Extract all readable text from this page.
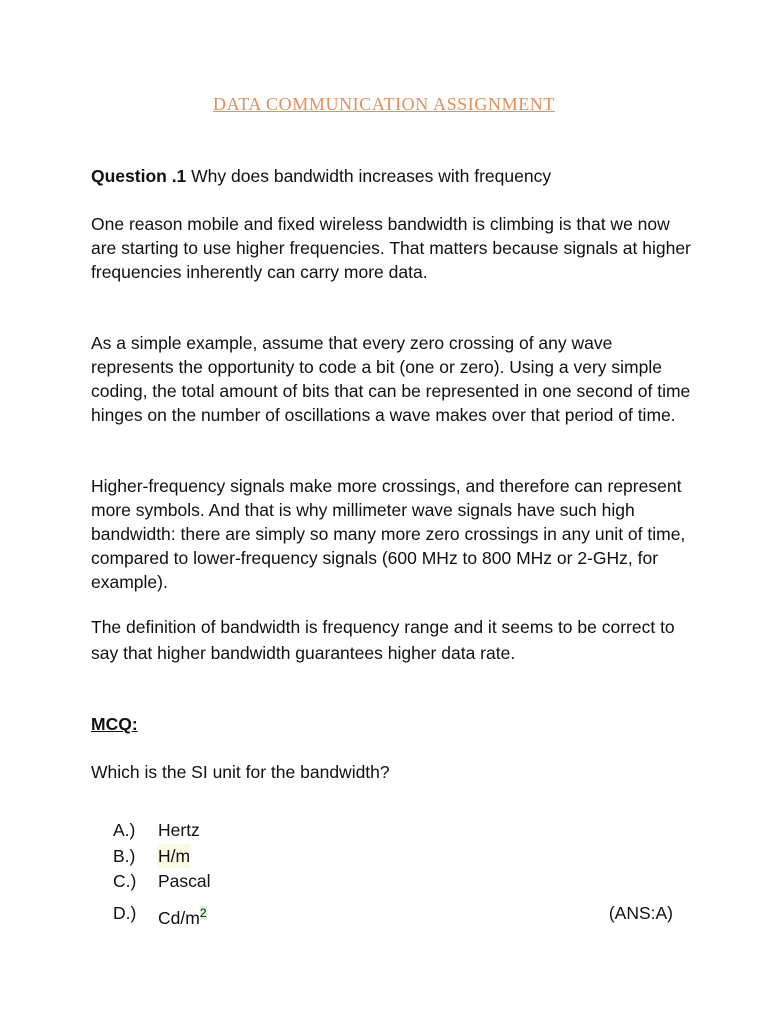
DATA COMMUNICATION ASSIGNMENT
Question .1 Why does bandwidth increases with frequency
One reason mobile and fixed wireless bandwidth is climbing is that we now are starting to use higher frequencies. That matters because signals at higher frequencies inherently can carry more data.
As a simple example, assume that every zero crossing of any wave represents the opportunity to code a bit (one or zero). Using a very simple coding, the total amount of bits that can be represented in one second of time hinges on the number of oscillations a wave makes over that period of time.
Higher-frequency signals make more crossings, and therefore can represent more symbols. And that is why millimeter wave signals have such high bandwidth: there are simply so many more zero crossings in any unit of time, compared to lower-frequency signals (600 MHz to 800 MHz or 2-GHz, for example).
The definition of bandwidth is frequency range and it seems to be correct to say that higher bandwidth guarantees higher data rate.
MCQ:
Which is the SI unit for the bandwidth?
A.) Hertz
B.) H/m
C.) Pascal
D.) $Cd/m^2$	(ANS:A)
